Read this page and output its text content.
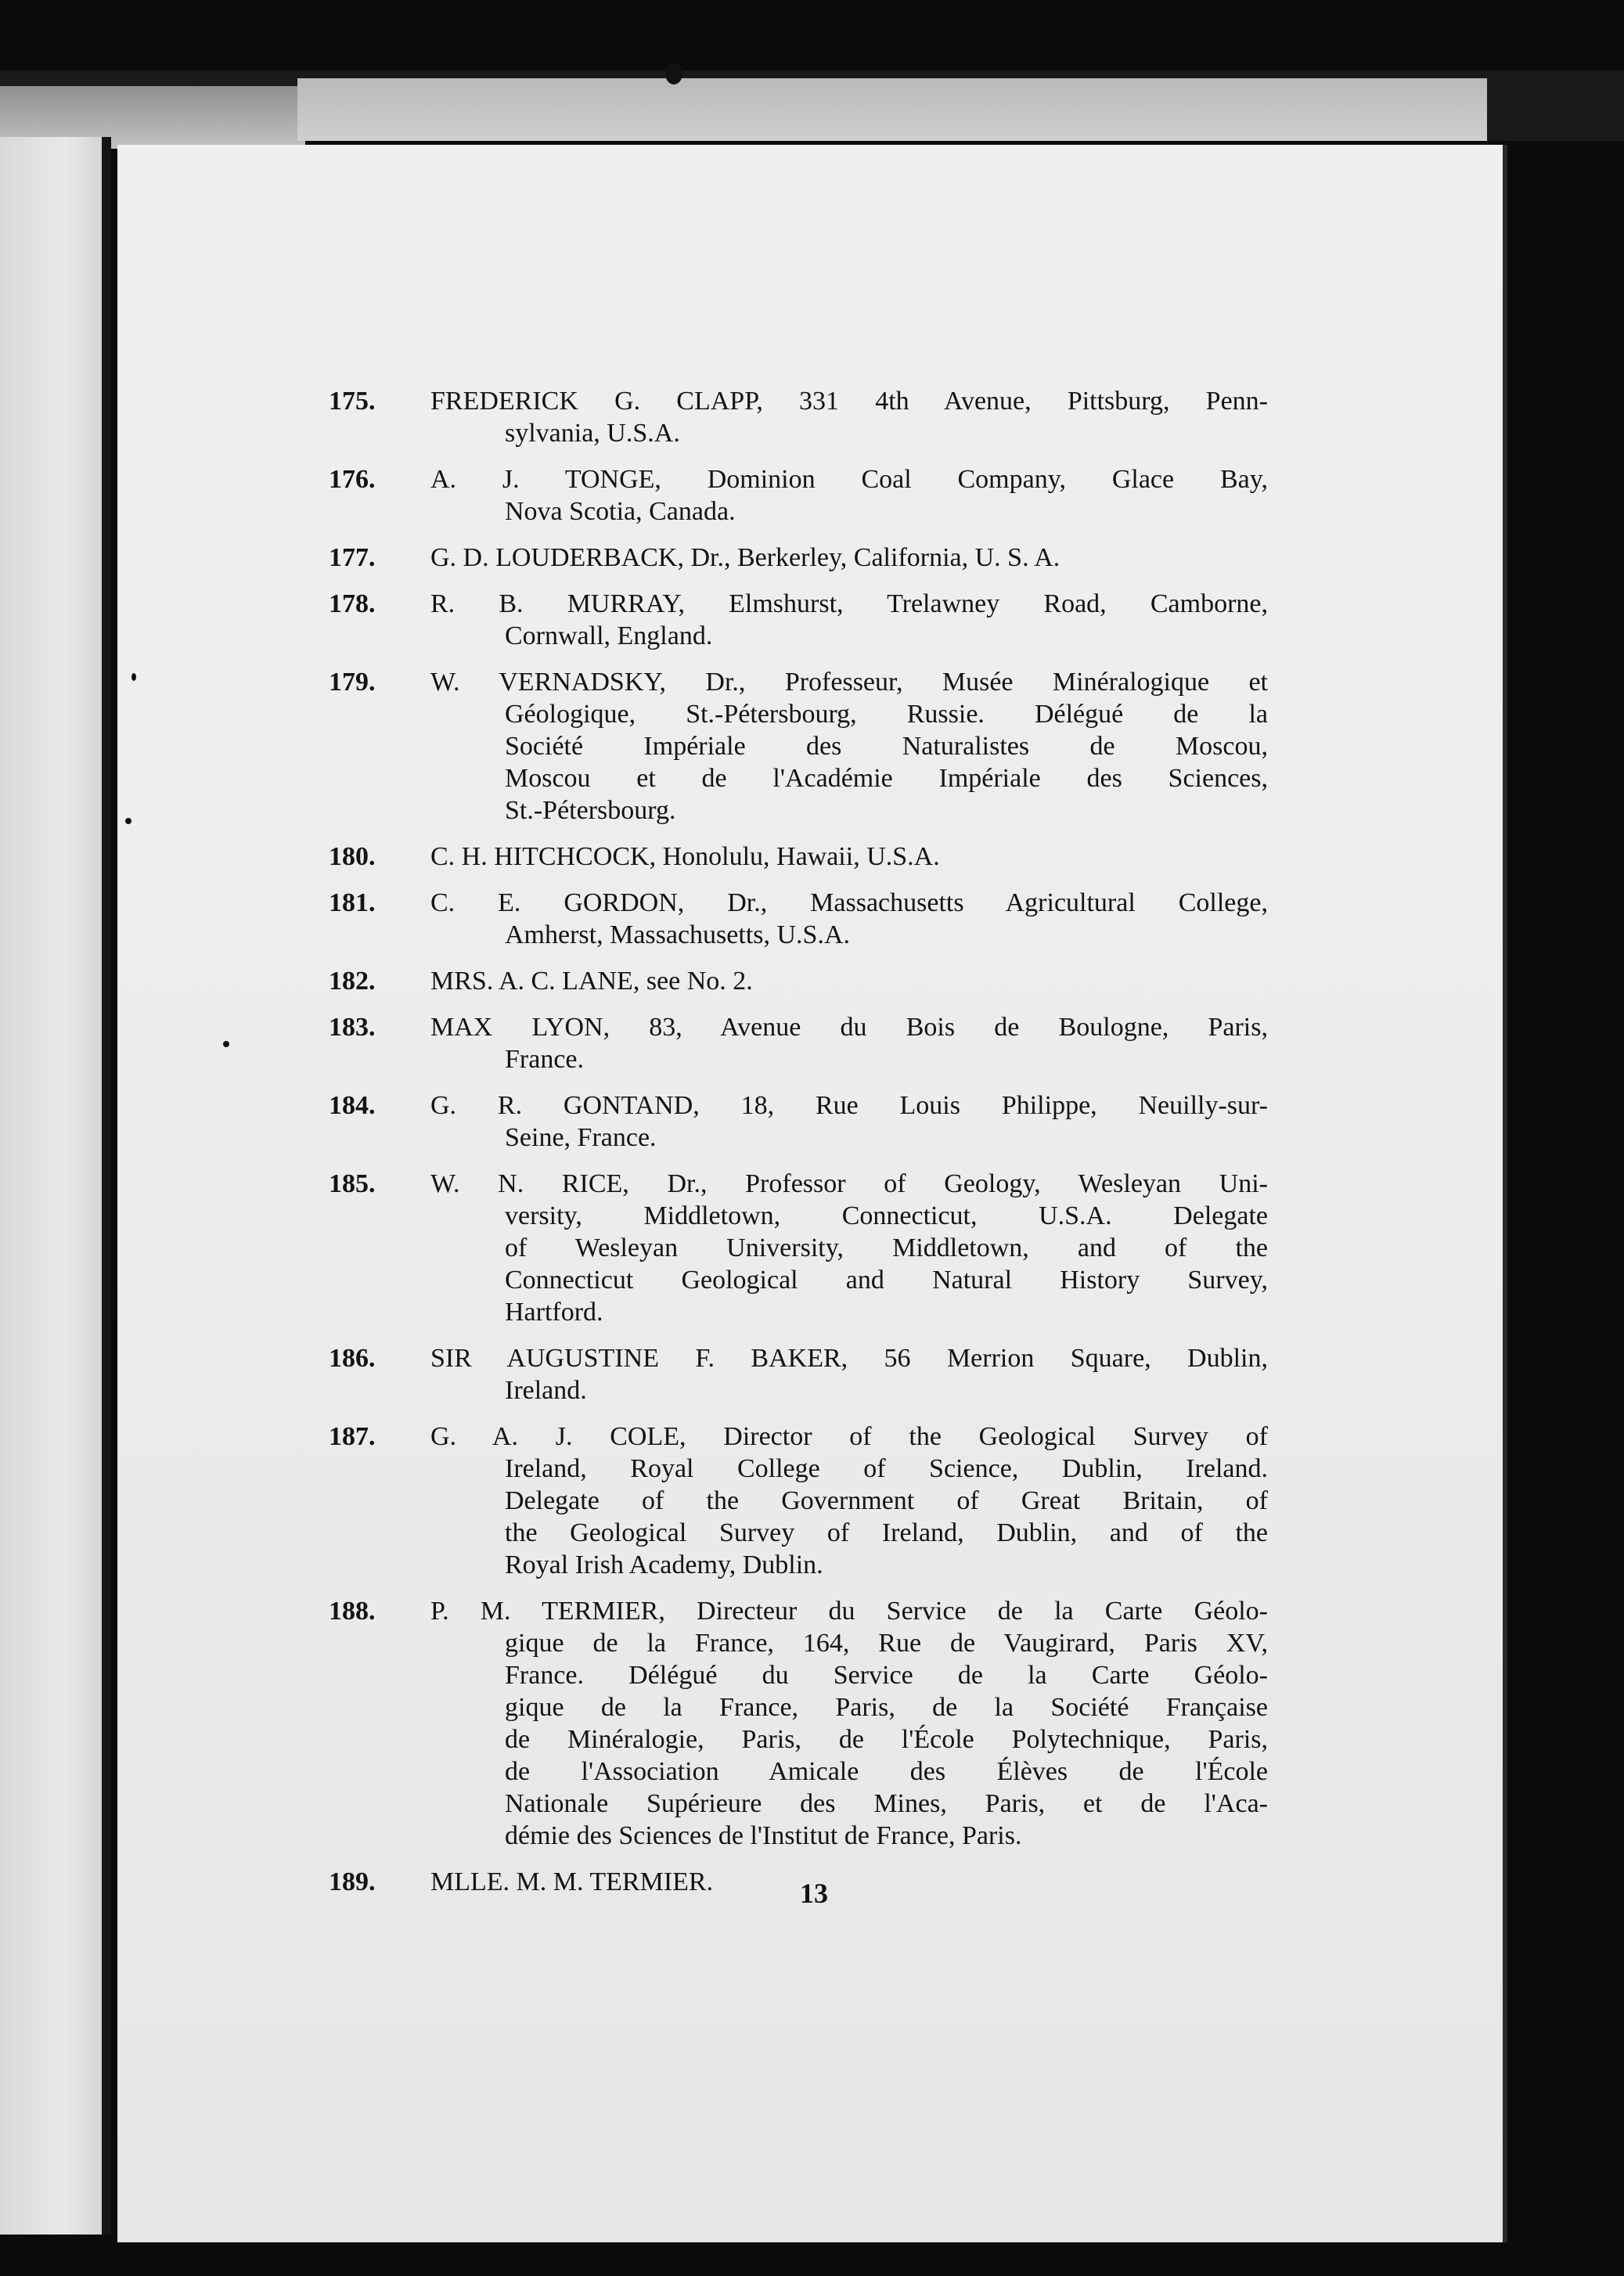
175.	FREDERICK G. CLAPP, 331 4th Avenue, Pittsburg, Penn-
sylvania, U.S.A.
176.	A. J. TONGE, Dominion Coal Company, Glace Bay,
Nova Scotia, Canada.
177.	G. D. LOUDERBACK, Dr., Berkerley, California, U. S. A.
178.	R. B. MURRAY, Elmshurst, Trelawney Road, Camborne,
Cornwall, England.
179.	W. VERNADSKY, Dr., Professeur, Musée Minéralogique et
Géologique, St.-Pétersbourg, Russie. Délégué de la
Société Impériale des Naturalistes de Moscou,
Moscou et de l'Académie Impériale des Sciences,
St.-Pétersbourg.
180.	C. H. HITCHCOCK, Honolulu, Hawaii, U.S.A.
181.	C. E. GORDON, Dr., Massachusetts Agricultural College,
Amherst, Massachusetts, U.S.A.
182.	MRS. A. C. LANE, see No. 2.
183.	MAX LYON, 83, Avenue du Bois de Boulogne, Paris,
France.
184.	G. R. GONTAND, 18, Rue Louis Philippe, Neuilly-sur-
Seine, France.
185.	W. N. RICE, Dr., Professor of Geology, Wesleyan Uni-
versity, Middletown, Connecticut, U.S.A. Delegate
of Wesleyan University, Middletown, and of the
Connecticut Geological and Natural History Survey,
Hartford.
186.	SIR AUGUSTINE F. BAKER, 56 Merrion Square, Dublin,
Ireland.
187.	G. A. J. COLE, Director of the Geological Survey of
Ireland, Royal College of Science, Dublin, Ireland.
Delegate of the Government of Great Britain, of
the Geological Survey of Ireland, Dublin, and of the
Royal Irish Academy, Dublin.
188.	P. M. TERMIER, Directeur du Service de la Carte Géolo-
gique de la France, 164, Rue de Vaugirard, Paris XV,
France. Délégué du Service de la Carte Géolo-
gique de la France, Paris, de la Société Française
de Minéralogie, Paris, de l'École Polytechnique, Paris,
de l'Association Amicale des Élèves de l'École
Nationale Supérieure des Mines, Paris, et de l'Aca-
démie des Sciences de l'Institut de France, Paris.
189.	MLLE. M. M. TERMIER.	13
